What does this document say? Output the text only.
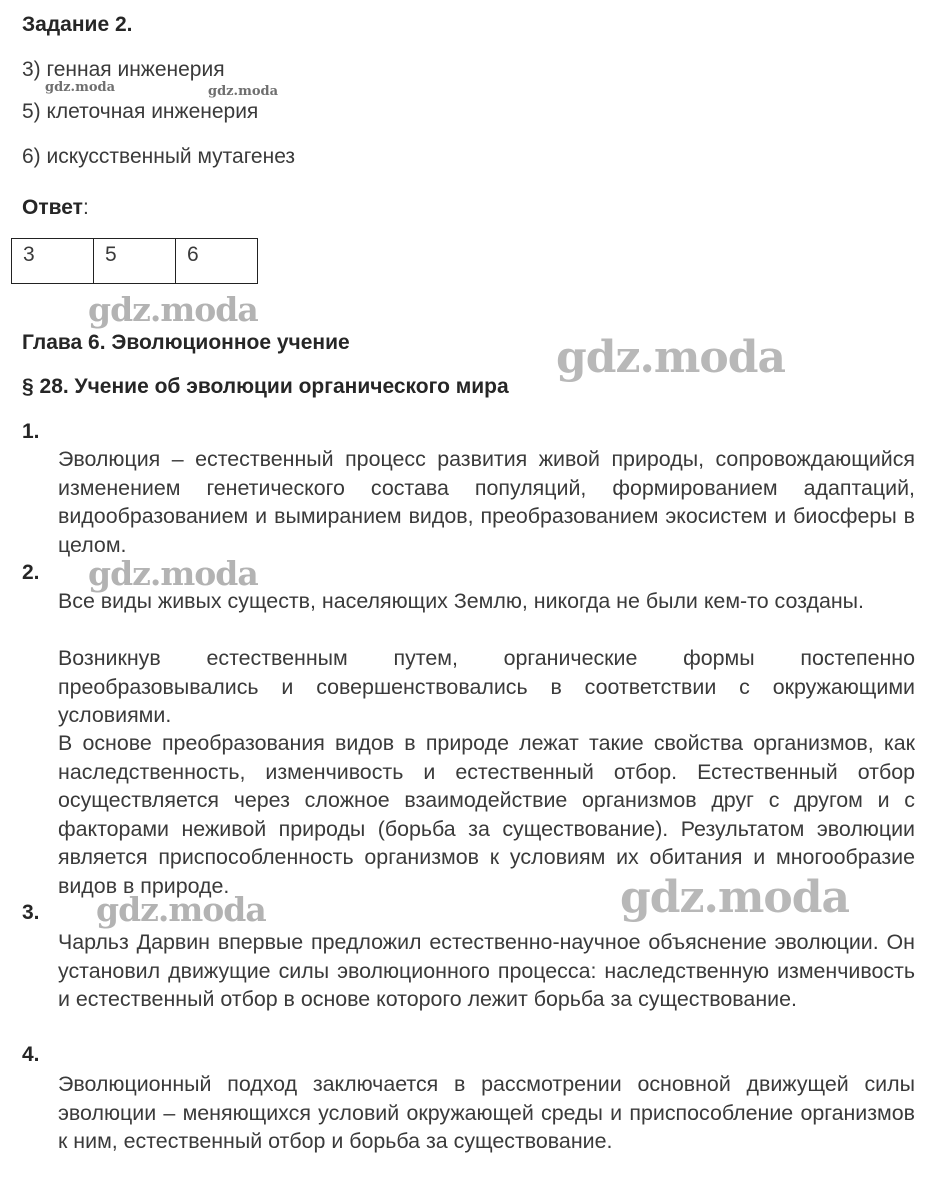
Задание 2.
3) генная инженерия
5) клеточная инженерия
6) искусственный мутагенез
Ответ:
3	5	6
Глава 6. Эволюционное учение
§ 28. Учение об эволюции органического мира
1.
Эволюция – естественный процесс развития живой природы, сопровождающийся изменением генетического состава популяций, формированием адаптаций, видообразованием и вымиранием видов, преобразованием экосистем и биосферы в целом.
2.
Все виды живых существ, населяющих Землю, никогда не были кем-то созданы.
Возникнув естественным путем, органические формы постепенно преобразовывались и совершенствовались в соответствии с окружающими условиями.
В основе преобразования видов в природе лежат такие свойства организмов, как наследственность, изменчивость и естественный отбор. Естественный отбор осуществляется через сложное взаимодействие организмов друг с другом и с факторами неживой природы (борьба за существование). Результатом эволюции является приспособленность организмов к условиям их обитания и многообразие видов в природе.
3.
Чарльз Дарвин впервые предложил естественно-научное объяснение эволюции. Он установил движущие силы эволюционного процесса: наследственную изменчивость и естественный отбор в основе которого лежит борьба за существование.
4.
Эволюционный подход заключается в рассмотрении основной движущей силы эволюции – меняющихся условий окружающей среды и приспособление организмов к ним, естественный отбор и борьба за существование.
gdz.moda	gdz.moda
gdz.moda
gdz.moda
gdz.moda
gdz.moda
gdz.moda
